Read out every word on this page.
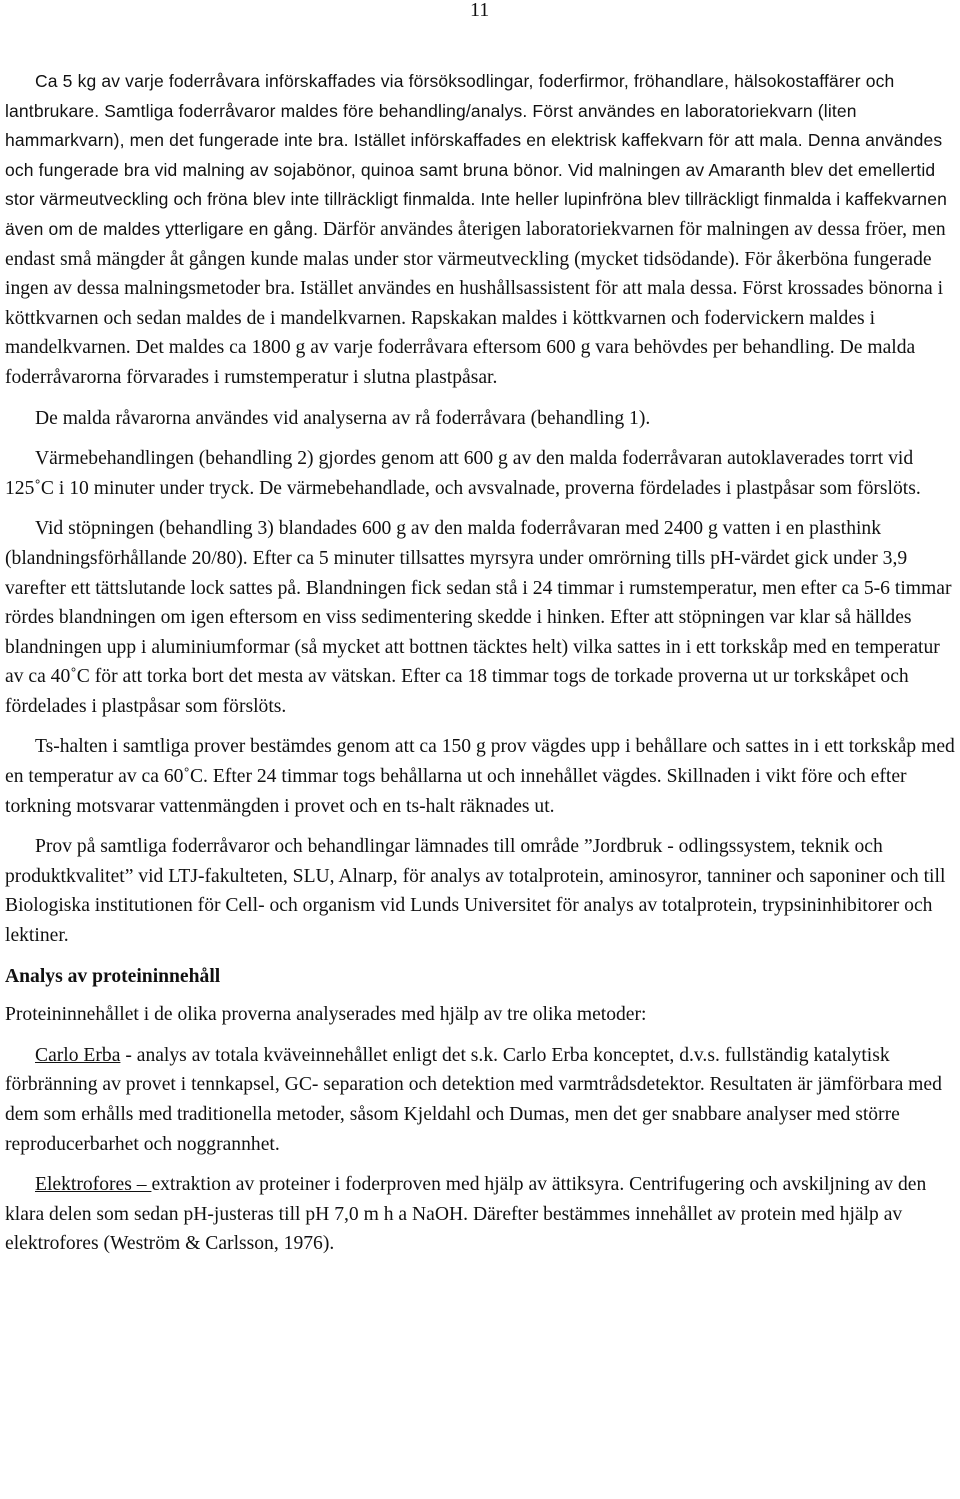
11

Ca 5 kg av varje foderråvara införskaffades via försöksodlingar, foderfirmor, fröhandlare, hälsokostaffärer och lantbrukare. Samtliga foderråvaror maldes före behandling/analys. Först användes en laboratoriekvarn (liten hammarkvarn), men det fungerade inte bra. Istället införskaffades en elektrisk kaffekvarn för att mala. Denna användes och fungerade bra vid malning av sojabönor, quinoa samt bruna bönor. Vid malningen av Amaranth blev det emellertid stor värmeutveckling och fröna blev inte tillräckligt finmalda. Inte heller lupinfröna blev tillräckligt finmalda i kaffekvarnen även om de maldes ytterligare en gång. Därför användes återigen laboratoriekvarnen för malningen av dessa fröer, men endast små mängder åt gången kunde malas under stor värmeutveckling (mycket tidsödande). För åkerböna fungerade ingen av dessa malningsmetoder bra. Istället användes en hushållsassistent för att mala dessa. Först krossades bönorna i köttkvarnen och sedan maldes de i mandelkvarnen. Rapskakan maldes i köttkvarnen och fodervickern maldes i mandelkvarnen. Det maldes ca 1800 g av varje foderråvara eftersom 600 g vara behövdes per behandling. De malda foderråvarorna förvarades i rumstemperatur i slutna plastpåsar.

De malda råvarorna användes vid analyserna av rå foderråvara (behandling 1).

Värmebehandlingen (behandling 2) gjordes genom att 600 g av den malda foderråvaran autoklaverades torrt vid 125˚C i 10 minuter under tryck. De värmebehandlade, och avsvalnade, proverna fördelades i plastpåsar som förslöts.

Vid stöpningen (behandling 3) blandades 600 g av den malda foderråvaran med 2400 g vatten i en plasthink (blandningsförhållande 20/80). Efter ca 5 minuter tillsattes myrsyra under omrörning tills pH-värdet gick under 3,9 varefter ett tättslutande lock sattes på. Blandningen fick sedan stå i 24 timmar i rumstemperatur, men efter ca 5-6 timmar rördes blandningen om igen eftersom en viss sedimentering skedde i hinken. Efter att stöpningen var klar så hälldes blandningen upp i aluminiumformar (så mycket att bottnen täcktes helt) vilka sattes in i ett torkskåp med en temperatur av ca 40˚C för att torka bort det mesta av vätskan. Efter ca 18 timmar togs de torkade proverna ut ur torkskåpet och fördelades i plastpåsar som förslöts.

Ts-halten i samtliga prover bestämdes genom att ca 150 g prov vägdes upp i behållare och sattes in i ett torkskåp med en temperatur av ca 60˚C. Efter 24 timmar togs behållarna ut och innehållet vägdes. Skillnaden i vikt före och efter torkning motsvarar vattenmängden i provet och en ts-halt räknades ut.

Prov på samtliga foderråvaror och behandlingar lämnades till område ”Jordbruk - odlingssystem, teknik och produktkvalitet” vid LTJ-fakulteten, SLU, Alnarp, för analys av totalprotein, aminosyror, tanniner och saponiner och till Biologiska institutionen för Cell- och organism vid Lunds Universitet för analys av totalprotein, trypsininhibitorer och lektiner.

Analys av proteininnehåll

Proteininnehållet i de olika proverna analyserades med hjälp av tre olika metoder:

Carlo Erba - analys av totala kväveinnehållet enligt det s.k. Carlo Erba konceptet, d.v.s. fullständig katalytisk förbränning av provet i tennkapsel, GC- separation och detektion med varmtrådsdetektor. Resultaten är jämförbara med dem som erhålls med traditionella metoder, såsom Kjeldahl och Dumas, men det ger snabbare analyser med större reproducerbarhet och noggrannhet.

Elektrofores – extraktion av proteiner i foderproven med hjälp av ättiksyra. Centrifugering och avskiljning av den klara delen som sedan pH-justeras till pH 7,0 m h a NaOH. Därefter bestämmes innehållet av protein med hjälp av elektrofores (Weström & Carlsson, 1976).
